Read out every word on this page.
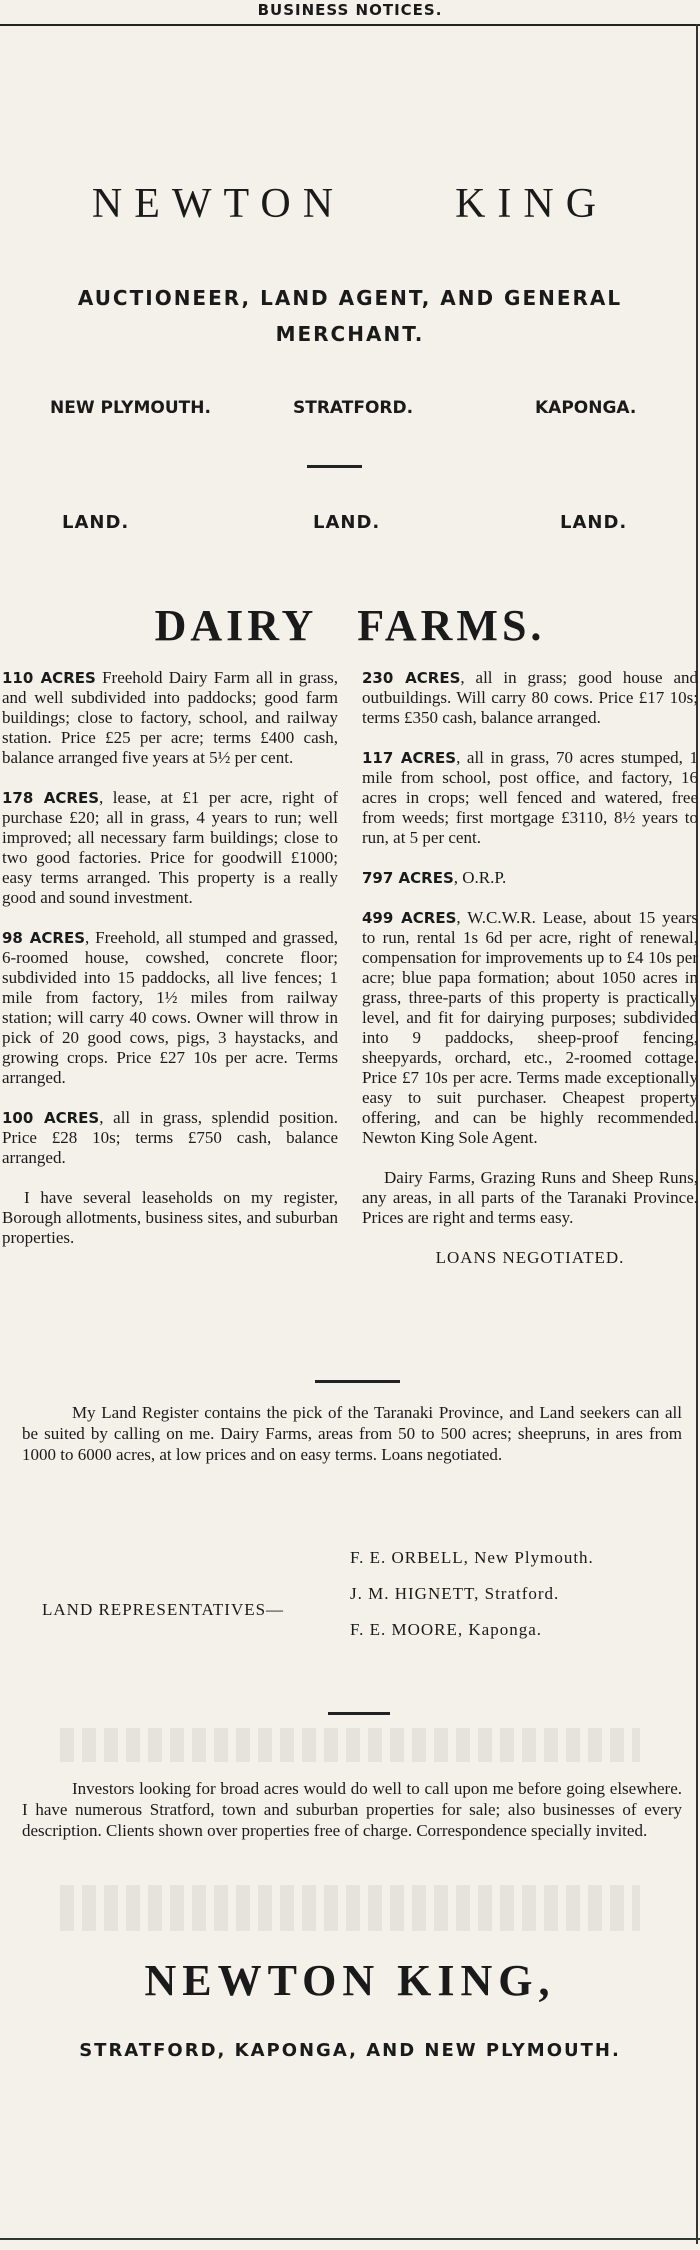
BUSINESS NOTICES.
NEWTON	KING
AUCTIONEER, LAND AGENT, AND GENERAL
MERCHANT.
NEW PLYMOUTH.	STRATFORD.	KAPONGA.
LAND.	LAND.	LAND.
DAIRY FARMS.

110 ACRES Freehold Dairy Farm all in grass, and well subdivided into paddocks; good farm buildings; close to factory, school, and railway station. Price £25 per acre; terms £400 cash, balance arranged five years at 5½ per cent.

178 ACRES, lease, at £1 per acre, right of purchase £20; all in grass, 4 years to run; well improved; all necessary farm buildings; close to two good factories. Price for goodwill £1000; easy terms arranged. This property is a really good and sound investment.

98 ACRES, Freehold, all stumped and grassed, 6-roomed house, cowshed, concrete floor; subdivided into 15 paddocks, all live fences; 1 mile from factory, 1½ miles from railway station; will carry 40 cows. Owner will throw in pick of 20 good cows, pigs, 3 haystacks, and growing crops. Price £27 10s per acre. Terms arranged.

100 ACRES, all in grass, splendid position. Price £28 10s; terms £750 cash, balance arranged.

I have several leaseholds on my register, Borough allotments, business sites, and suburban properties.

230 ACRES, all in grass; good house and outbuildings. Will carry 80 cows. Price £17 10s; terms £350 cash, balance arranged.

117 ACRES, all in grass, 70 acres stumped, 1 mile from school, post office, and factory, 16 acres in crops; well fenced and watered, free from weeds; first mortgage £3110, 8½ years to run, at 5 per cent.

797 ACRES, O.R.P.

499 ACRES, W.C.W.R. Lease, about 15 years to run, rental 1s 6d per acre, right of renewal, compensation for improvements up to £4 10s per acre; blue papa formation; about 1050 acres in grass, three-parts of this property is practically level, and fit for dairying purposes; subdivided into 9 paddocks, sheep-proof fencing, sheepyards, orchard, etc., 2-roomed cottage. Price £7 10s per acre. Terms made exceptionally easy to suit purchaser. Cheapest property offering, and can be highly recommended. Newton King Sole Agent.

Dairy Farms, Grazing Runs and Sheep Runs, any areas, in all parts of the Taranaki Province. Prices are right and terms easy.

LOANS NEGOTIATED.
My Land Register contains the pick of the Taranaki Province, and Land seekers can all be suited by calling on me. Dairy Farms, areas from 50 to 500 acres; sheepruns, in ares from 1000 to 6000 acres, at low prices and on easy terms. Loans negotiated.
LAND REPRESENTATIVES—
F. E. ORBELL, New Plymouth.
J. M. HIGNETT, Stratford.
F. E. MOORE, Kaponga.
Investors looking for broad acres would do well to call upon me before going elsewhere. I have numerous Stratford, town and suburban properties for sale; also businesses of every description. Clients shown over properties free of charge. Correspondence specially invited.
NEWTON KING,
STRATFORD, KAPONGA, AND NEW PLYMOUTH.
